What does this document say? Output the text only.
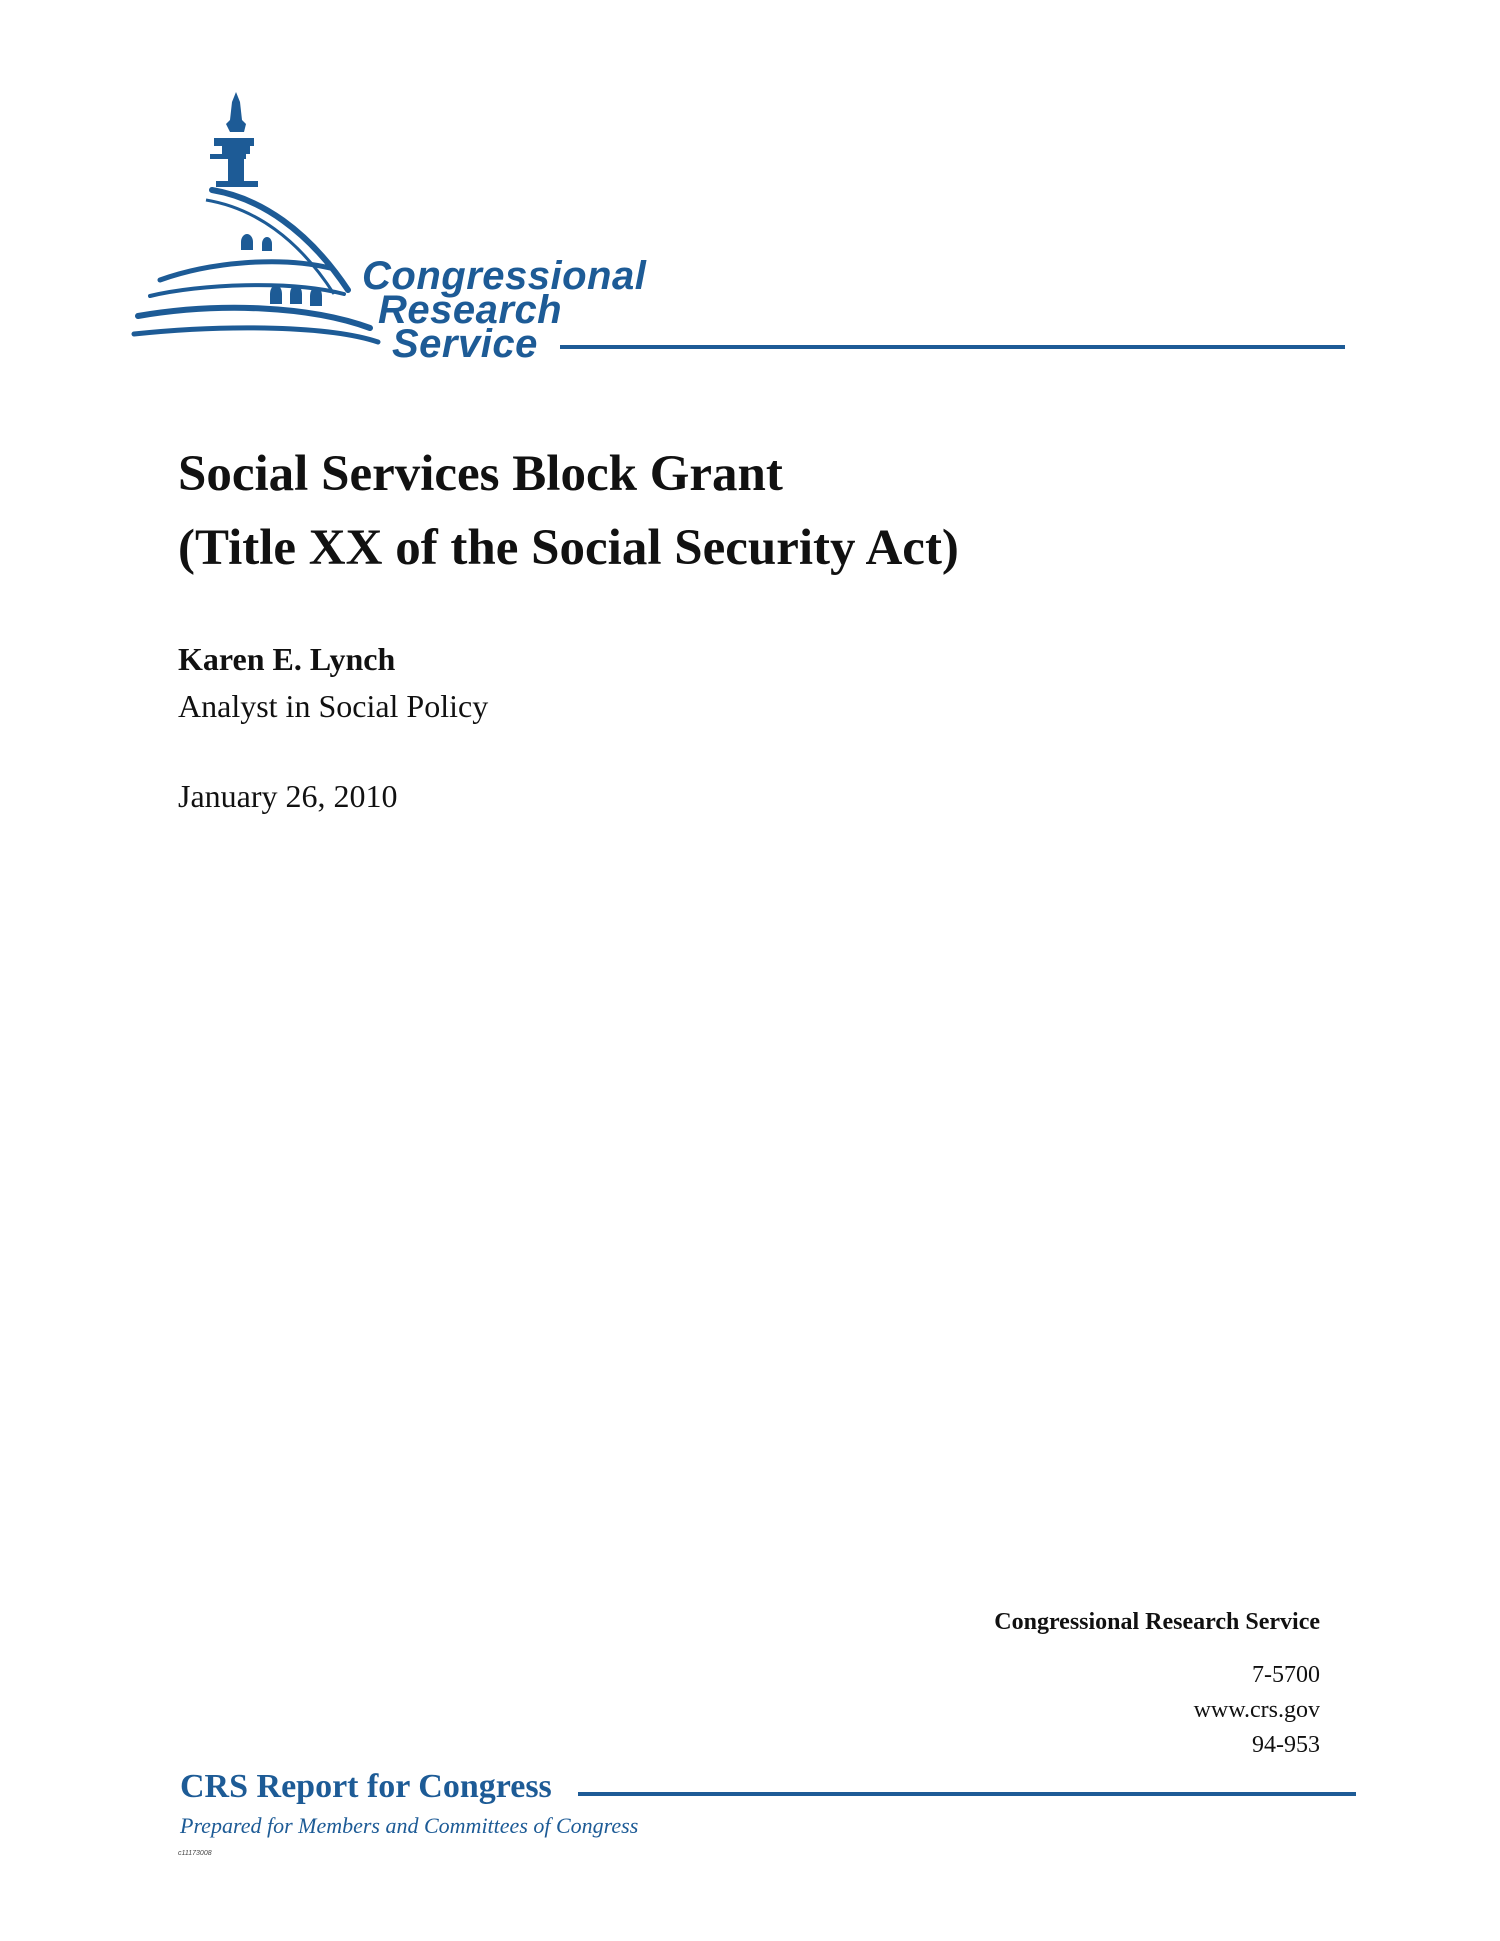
Congressional
Research
Service
Social Services Block Grant
(Title XX of the Social Security Act)
Karen E. Lynch
Analyst in Social Policy
January 26, 2010
Congressional Research Service
7-5700
www.crs.gov
94-953
CRS Report for Congress
Prepared for Members and Committees of Congress
c11173008
